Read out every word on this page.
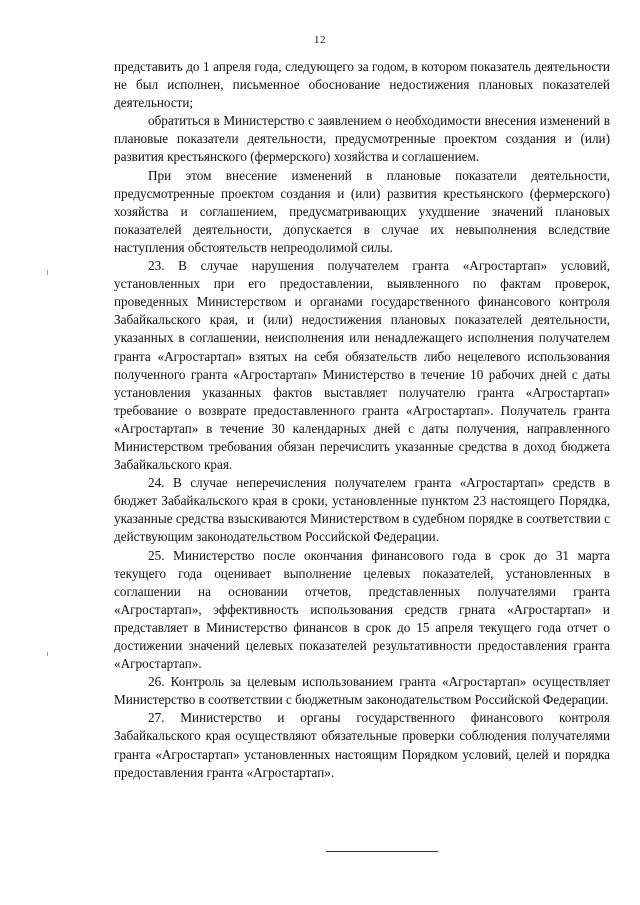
12

представить до 1 апреля года, следующего за годом, в котором показатель деятельности не был исполнен, письменное обоснование недостижения плановых показателей деятельности;

обратиться в Министерство с заявлением о необходимости внесения изменений в плановые показатели деятельности, предусмотренные проектом создания и (или) развития крестьянского (фермерского) хозяйства и соглашением.

При этом внесение изменений в плановые показатели деятельности, предусмотренные проектом создания и (или) развития крестьянского (фермерского) хозяйства и соглашением, предусматривающих ухудшение значений плановых показателей деятельности, допускается в случае их невыполнения вследствие наступления обстоятельств непреодолимой силы.

23. В случае нарушения получателем гранта «Агростартап» условий, установленных при его предоставлении, выявленного по фактам проверок, проведенных Министерством и органами государственного финансового контроля Забайкальского края, и (или) недостижения плановых показателей деятельности, указанных в соглашении, неисполнения или ненадлежащего исполнения получателем гранта «Агростартап» взятых на себя обязательств либо нецелевого использования полученного гранта «Агростартап» Министерство в течение 10 рабочих дней с даты установления указанных фактов выставляет получателю гранта «Агростартап» требование о возврате предоставленного гранта «Агростартап». Получатель гранта «Агростартап» в течение 30 календарных дней с даты получения, направленного Министерством требования обязан перечислить указанные средства в доход бюджета Забайкальского края.

24. В случае неперечисления получателем гранта «Агростартап» средств в бюджет Забайкальского края в сроки, установленные пунктом 23 настоящего Порядка, указанные средства взыскиваются Министерством в судебном порядке в соответствии с действующим законодательством Российской Федерации.

25. Министерство после окончания финансового года в срок до 31 марта текущего года оценивает выполнение целевых показателей, установленных в соглашении на основании отчетов, представленных получателями гранта «Агростартап», эффективность использования средств грната «Агростартап» и представляет в Министерство финансов в срок до 15 апреля текущего года отчет о достижении значений целевых показателей результативности предоставления гранта «Агростартап».

26. Контроль за целевым использованием гранта «Агростартап» осуществляет Министерство в соответствии с бюджетным законодательством Российской Федерации.

27. Министерство и органы государственного финансового контроля Забайкальского края осуществляют обязательные проверки соблюдения получателями гранта «Агростартап» установленных настоящим Порядком условий, целей и порядка предоставления гранта «Агростартап».
